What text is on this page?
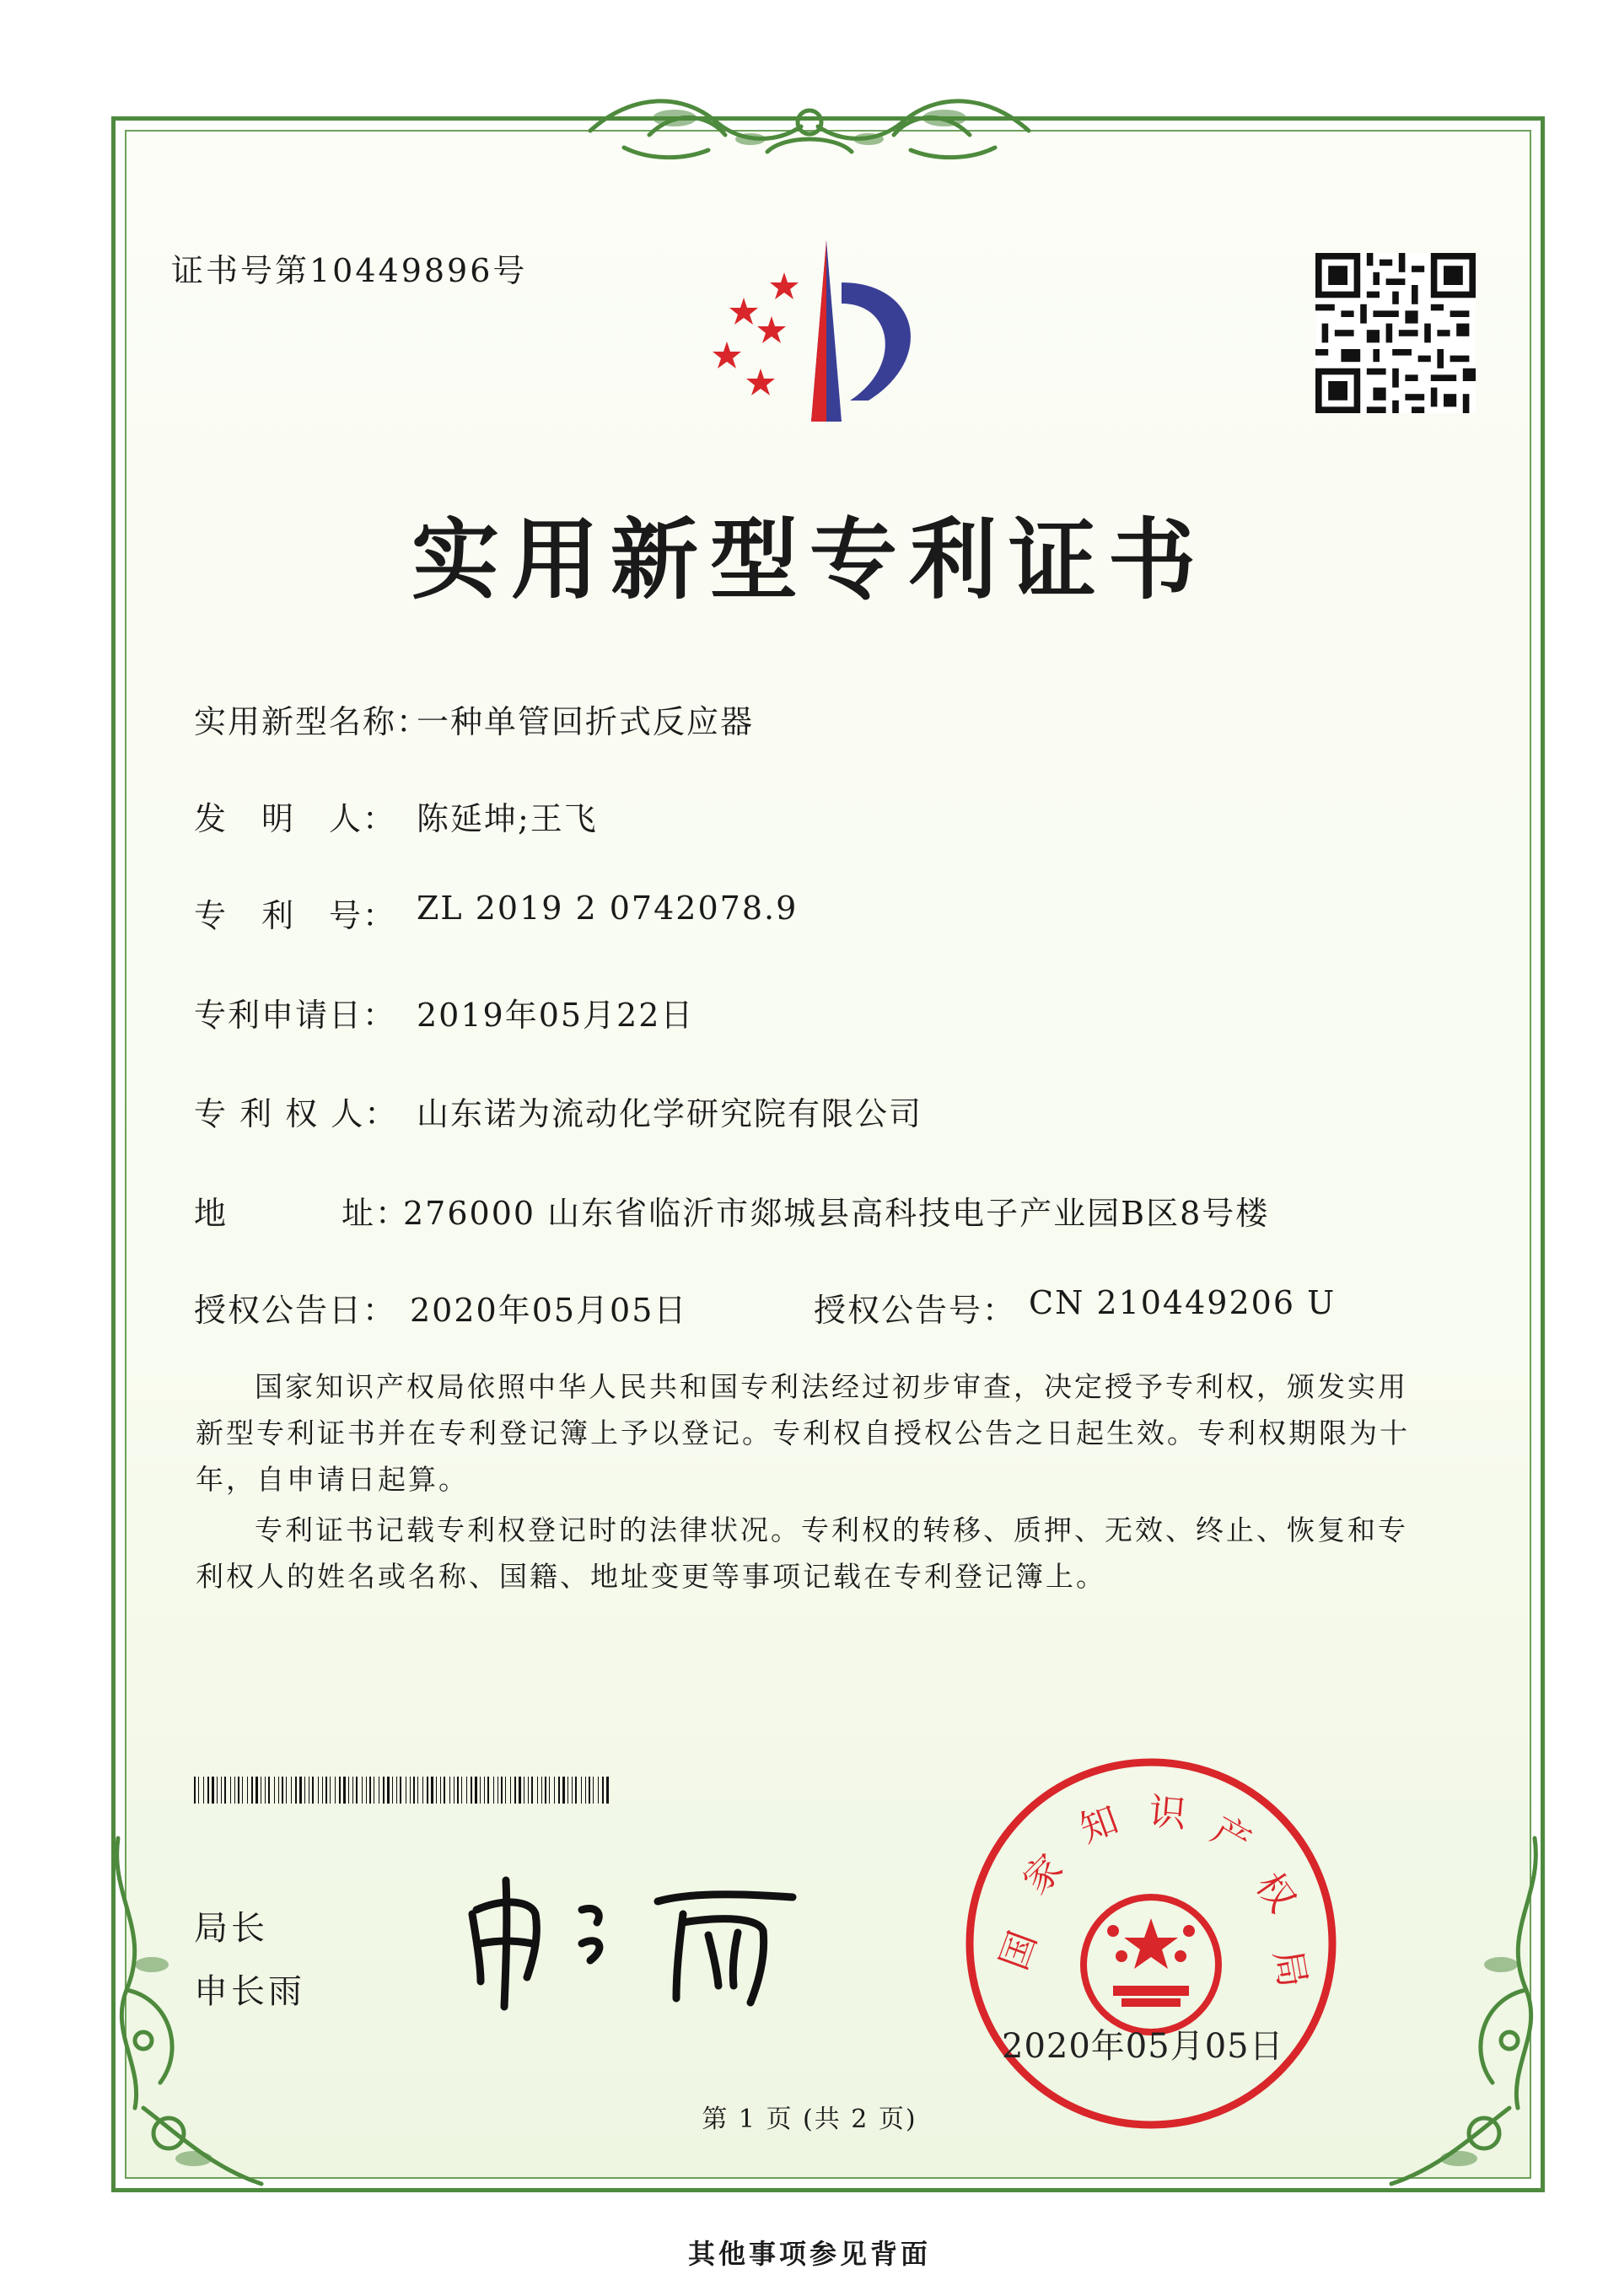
证书号第10449896号
实用新型专利证书
实用新型名称：
一种单管回折式反应器
发　明　人： 陈延坤;王飞
专　利　号： ZL 2019 2 0742078.9
专利申请日： 2019年05月22日
专 利 权 人： 山东诺为流动化学研究院有限公司
地	址：
276000 山东省临沂市郯城县高科技电子产业园B区8号楼
授权公告日： 2020年05月05日	授权公告号： CN 210449206 U
国家知识产权局依照中华人民共和国专利法经过初步审查，决定授予专利权，颁发实用新型专利证书并在专利登记簿上予以登记。专利权自授权公告之日起生效。专利权期限为十年，自申请日起算。
专利证书记载专利权登记时的法律状况。专利权的转移、质押、无效、终止、恢复和专利权人的姓名或名称、国籍、地址变更等事项记载在专利登记簿上。
局长
申长雨
国
家
知 识 产
权
局
2020年05月05日
第 1 页 (共 2 页)
其他事项参见背面
